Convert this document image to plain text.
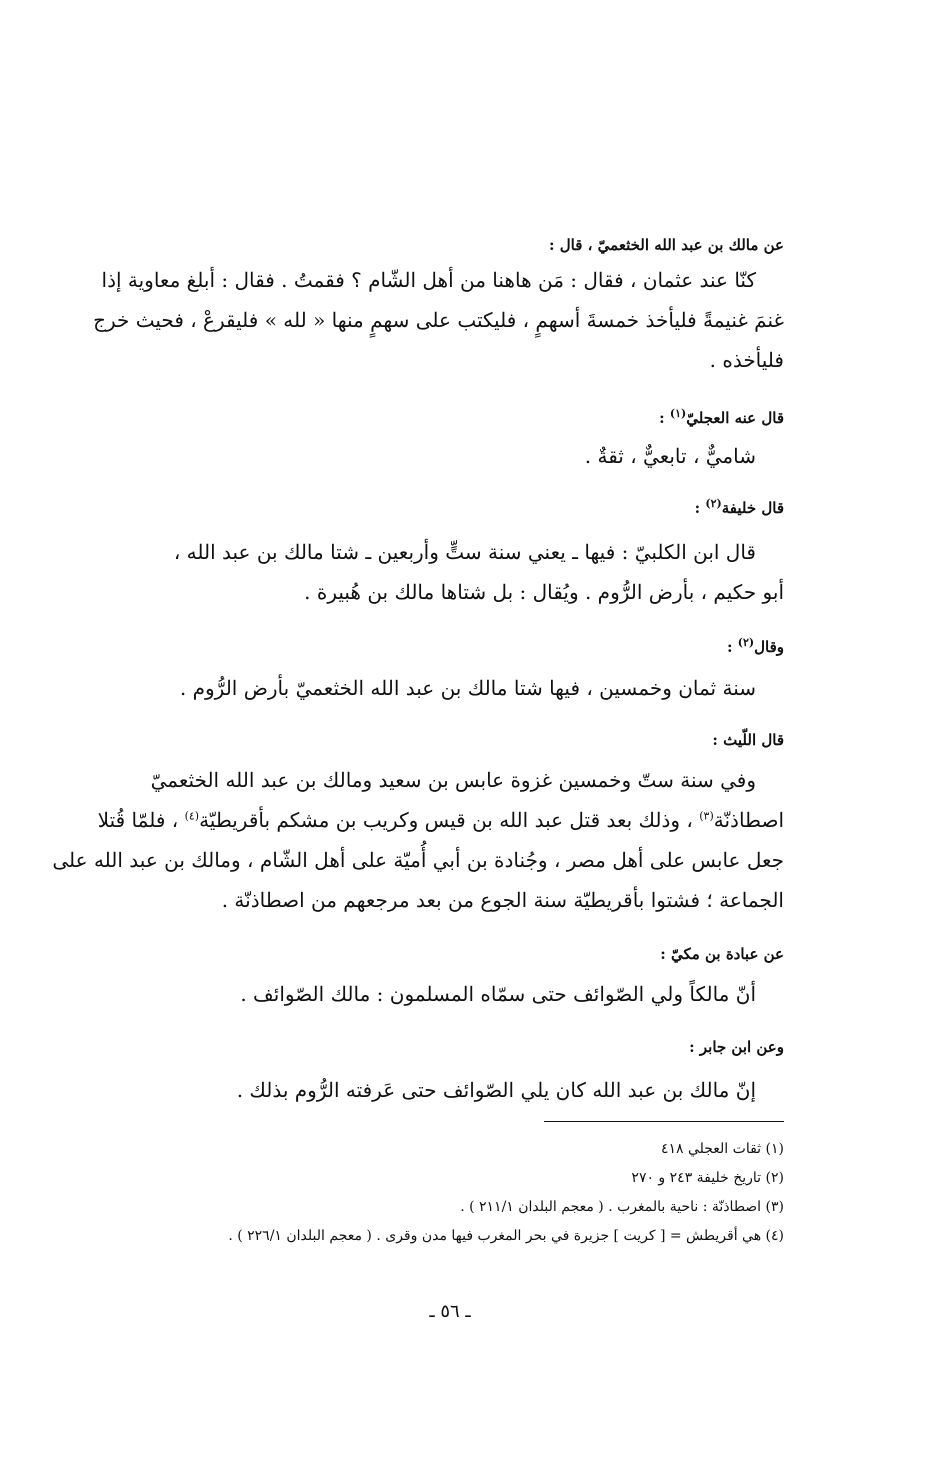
عن مالك بن عبد الله الخثعميّ ، قال :
كنّا عند عثمان ، فقال : مَن هاهنا من أهل الشّام ؟ فقمتُ . فقال : أبلغ معاوية إذا
غنمَ غنيمةً فليأخذ خمسةَ أسهمٍ ، فليكتب على سهمٍ منها « لله » فليقرعْ ، فحيث خرج
فليأخذه .
قال عنه العجليّ$^{(١)}$ :
شاميٌّ ، تابعيٌّ ، ثقةٌ .
قال خليفة$^{(٢)}$ :
قال ابن الكلبيّ : فيها ـ يعني سنة ستٍّ وأربعين ـ شتا مالك بن عبد الله ،
أبو حكيم ، بأرض الرُّوم . ويُقال : بل شتاها مالك بن هُبيرة .
وقال$^{(٢)}$ :
سنة ثمان وخمسين ، فيها شتا مالك بن عبد الله الخثعميّ بأرض الرُّوم .
قال اللّيث :
وفي سنة ستّ وخمسين غزوة عابس بن سعيد ومالك بن عبد الله الخثعميّ
اصطاذنّة$^{(٣)}$ ، وذلك بعد قتل عبد الله بن قيس وكريب بن مشكم بأقريطيّة$^{(٤)}$ ، فلمّا قُتلا
جعل عابس على أهل مصر ، وجُنادة بن أبي أُميّة على أهل الشّام ، ومالك بن عبد الله على
الجماعة ؛ فشتوا بأقريطيّة سنة الجوع من بعد مرجعهم من اصطاذنّة .
عن عبادة بن مكيّ :
أنّ مالكاً ولي الصّوائف حتى سمّاه المسلمون : مالك الصّوائف .
وعن ابن جابر :
إنّ مالك بن عبد الله كان يلي الصّوائف حتى عَرفته الرُّوم بذلك .
(١) ثقات العجلي ٤١٨
(٢) تاريخ خليفة ٢٤٣ و ٢٧٠
(٣) اصطاذنّة : ناحية بالمغرب . ( معجم البلدان ٢١١/١ ) .
(٤) هي أقريطش = [ كريت ] جزيرة في بحر المغرب فيها مدن وقرى . ( معجم البلدان ٢٢٦/١ ) .
ـ ٥٦ ـ
